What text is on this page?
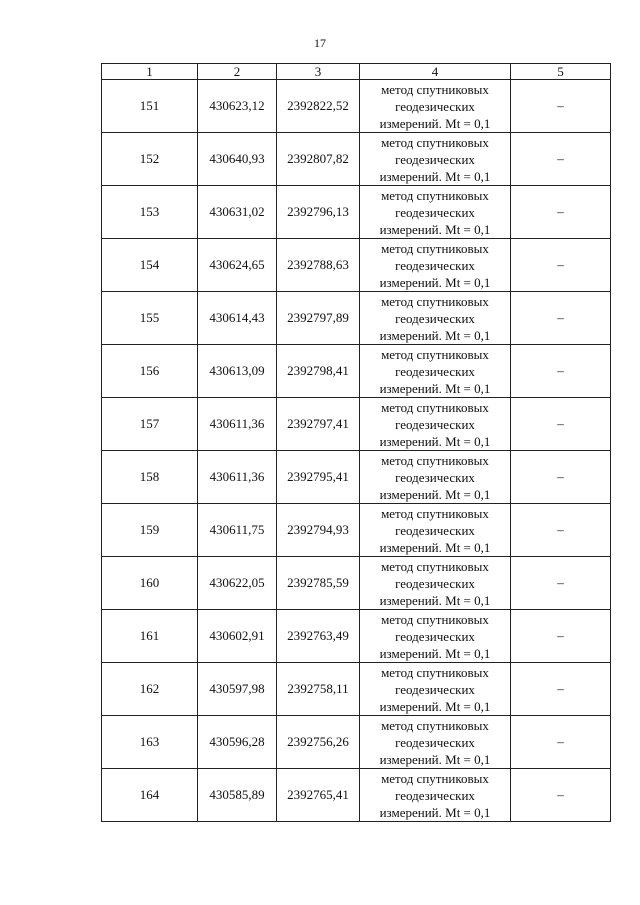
17
1	2	3	4	5
151	430623,12	2392822,52	метод спутниковых
геодезических
измерений. Mt = 0,1	–
152	430640,93	2392807,82	метод спутниковых
геодезических
измерений. Mt = 0,1	–
153	430631,02	2392796,13	метод спутниковых
геодезических
измерений. Mt = 0,1	–
154	430624,65	2392788,63	метод спутниковых
геодезических
измерений. Mt = 0,1	–
155	430614,43	2392797,89	метод спутниковых
геодезических
измерений. Mt = 0,1	–
156	430613,09	2392798,41	метод спутниковых
геодезических
измерений. Mt = 0,1	–
157	430611,36	2392797,41	метод спутниковых
геодезических
измерений. Mt = 0,1	–
158	430611,36	2392795,41	метод спутниковых
геодезических
измерений. Mt = 0,1	–
159	430611,75	2392794,93	метод спутниковых
геодезических
измерений. Mt = 0,1	–
160	430622,05	2392785,59	метод спутниковых
геодезических
измерений. Mt = 0,1	–
161	430602,91	2392763,49	метод спутниковых
геодезических
измерений. Mt = 0,1	–
162	430597,98	2392758,11	метод спутниковых
геодезических
измерений. Mt = 0,1	–
163	430596,28	2392756,26	метод спутниковых
геодезических
измерений. Mt = 0,1	–
164	430585,89	2392765,41	метод спутниковых
геодезических
измерений. Mt = 0,1	–
